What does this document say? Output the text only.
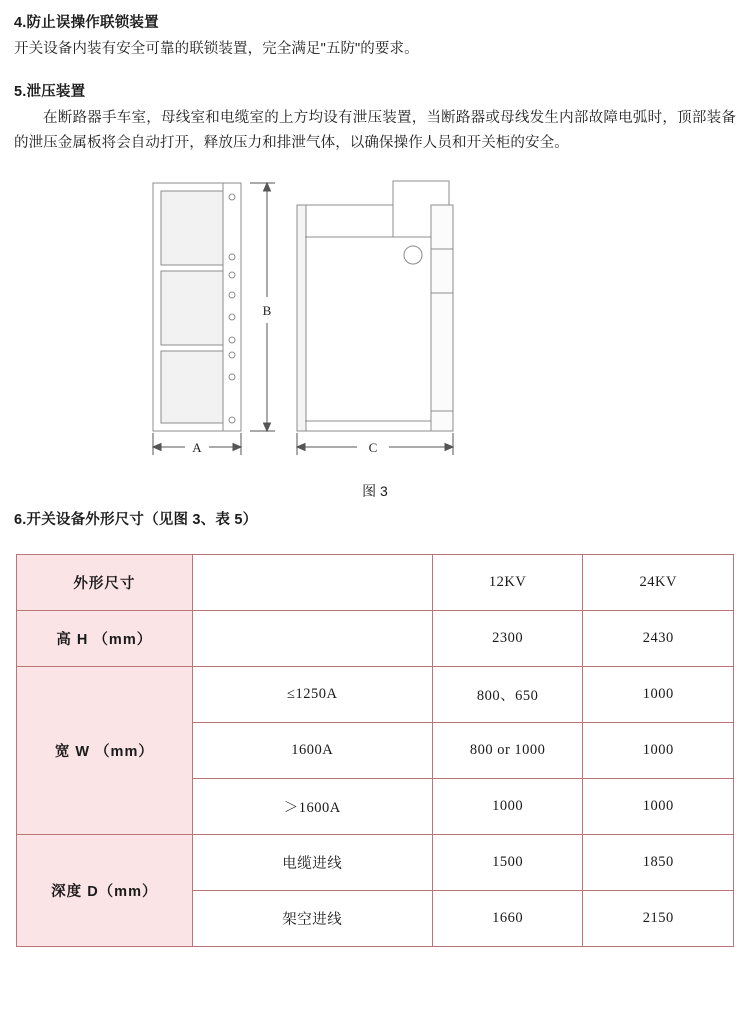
4.防止误操作联锁装置

开关设备内装有安全可靠的联锁装置，完全满足"五防"的要求。

5.泄压装置

在断路器手车室，母线室和电缆室的上方均设有泄压装置，当断路器或母线发生内部故障电弧时，顶部装备的泄压金属板将会自动打开，释放压力和排泄气体，以确保操作人员和开关柜的安全。

B
A	C
图 3
6.开关设备外形尺寸（见图 3、表 5）
外形尺寸		12KV	24KV
高 H （mm）		2300	2430
宽 W （mm）	≤1250A	800、650	1000
	1600A	800 or 1000	1000
	＞1600A	1000	1000
深度 D（mm）	电缆进线	1500	1850
	架空进线	1660	2150
